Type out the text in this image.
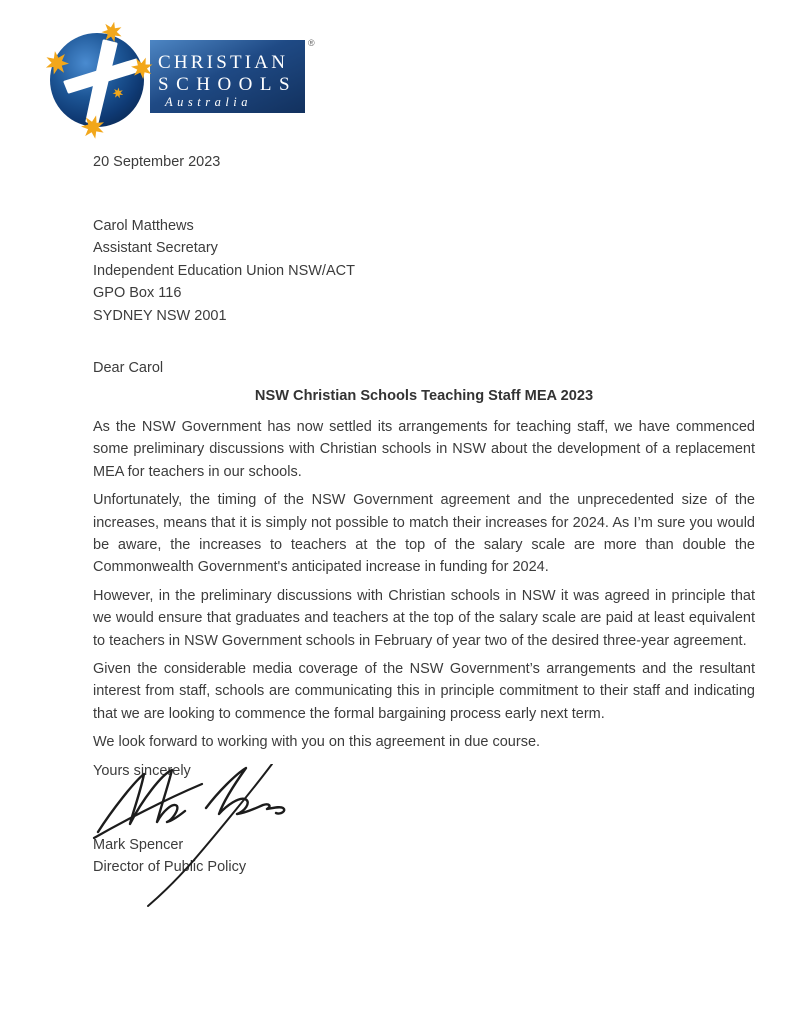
CHRISTIAN
SCHOOLS
Australia
®
20 September 2023
Carol Matthews
Assistant Secretary
Independent Education Union NSW/ACT
GPO Box 116
SYDNEY NSW 2001
Dear Carol
NSW Christian Schools Teaching Staff MEA 2023

As the NSW Government has now settled its arrangements for teaching staff, we have commenced some preliminary discussions with Christian schools in NSW about the development of a replacement MEA for teachers in our schools.

Unfortunately, the timing of the NSW Government agreement and the unprecedented size of the increases, means that it is simply not possible to match their increases for 2024. As I’m sure you would be aware, the increases to teachers at the top of the salary scale are more than double the Commonwealth Government's anticipated increase in funding for 2024.

However, in the preliminary discussions with Christian schools in NSW it was agreed in principle that we would ensure that graduates and teachers at the top of the salary scale are paid at least equivalent to teachers in NSW Government schools in February of year two of the desired three-year agreement.

Given the considerable media coverage of the NSW Government’s arrangements and the resultant interest from staff, schools are communicating this in principle commitment to their staff and indicating that we are looking to commence the formal bargaining process early next term.

We look forward to working with you on this agreement in due course.

Yours sincerely

Mark Spencer
Director of Public Policy
